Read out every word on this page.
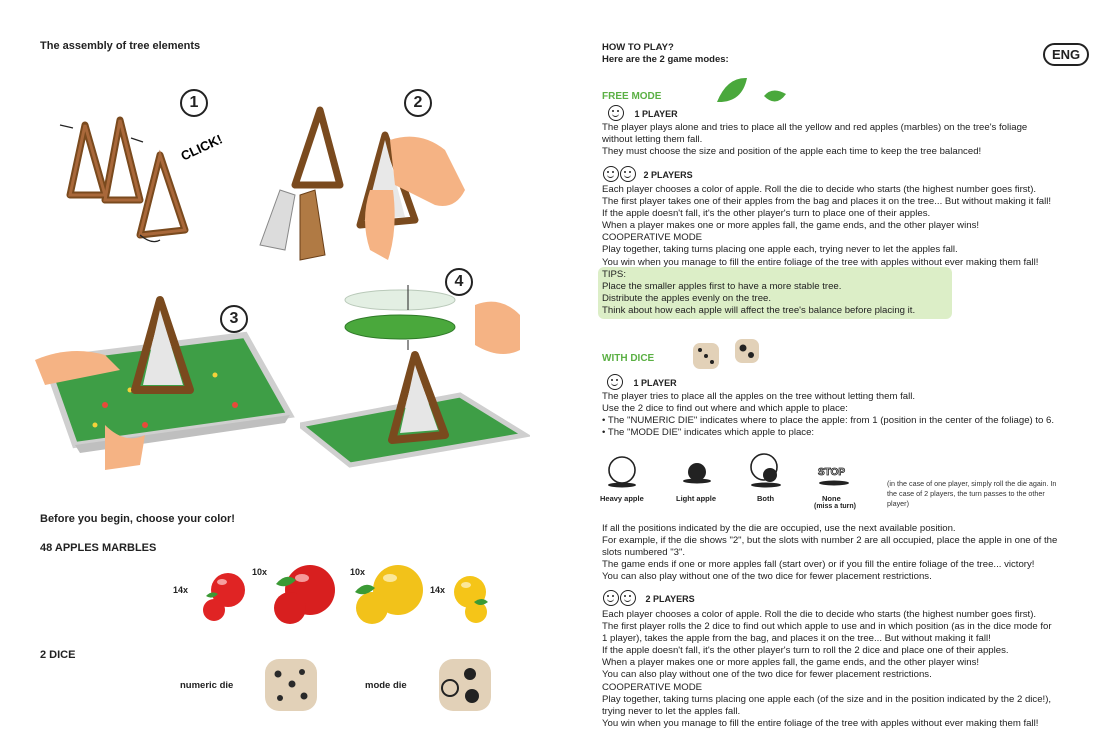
The assembly of tree elements
1	2
3
4
CLICK!
Before you begin, choose your color!
48 APPLES MARBLES
14x
10x	10x
14x
2 DICE
numeric die	mode die
ENG
HOW TO PLAY?
Here are the 2 game modes:
FREE MODE
1 PLAYER
The player plays alone and tries to place all the yellow and red apples (marbles) on the tree's foliage
without letting them fall.
They must choose the size and position of the apple each time to keep the tree balanced!
2 PLAYERS
Each player chooses a color of apple. Roll the die to decide who starts (the highest number goes first).
The first player takes one of their apples from the bag and places it on the tree... But without making it fall!
If the apple doesn't fall, it's the other player's turn to place one of their apples.
When a player makes one or more apples fall, the game ends, and the other player wins!
COOPERATIVE MODE
Play together, taking turns placing one apple each, trying never to let the apples fall.
You win when you manage to fill the entire foliage of the tree with apples without ever making them fall!
TIPS:
Place the smaller apples first to have a more stable tree.
Distribute the apples evenly on the tree.
Think about how each apple will affect the tree's balance before placing it.
WITH DICE
1 PLAYER
The player tries to place all the apples on the tree without letting them fall.
Use the 2 dice to find out where and which apple to place:
• The "NUMERIC DIE" indicates where to place the apple: from 1 (position in the center of the foliage) to 6.
• The "MODE DIE" indicates which apple to place:
Heavy apple	Light apple	Both
STOP
None
(miss a turn)
(in the case of one player, simply roll the die again. In
the case of 2 players, the turn passes to the other
player)
If all the positions indicated by the die are occupied, use the next available position.
For example, if the die shows "2", but the slots with number 2 are all occupied, place the apple in one of the
slots numbered "3".
The game ends if one or more apples fall (start over) or if you fill the entire foliage of the tree... victory!
You can also play without one of the two dice for fewer placement restrictions.
2 PLAYERS
Each player chooses a color of apple. Roll the die to decide who starts (the highest number goes first).
The first player rolls the 2 dice to find out which apple to use and in which position (as in the dice mode for
1 player), takes the apple from the bag, and places it on the tree... But without making it fall!
If the apple doesn't fall, it's the other player's turn to roll the 2 dice and place one of their apples.
When a player makes one or more apples fall, the game ends, and the other player wins!
You can also play without one of the two dice for fewer placement restrictions.
COOPERATIVE MODE
Play together, taking turns placing one apple each (of the size and in the position indicated by the 2 dice!),
trying never to let the apples fall.
You win when you manage to fill the entire foliage of the tree with apples without ever making them fall!
